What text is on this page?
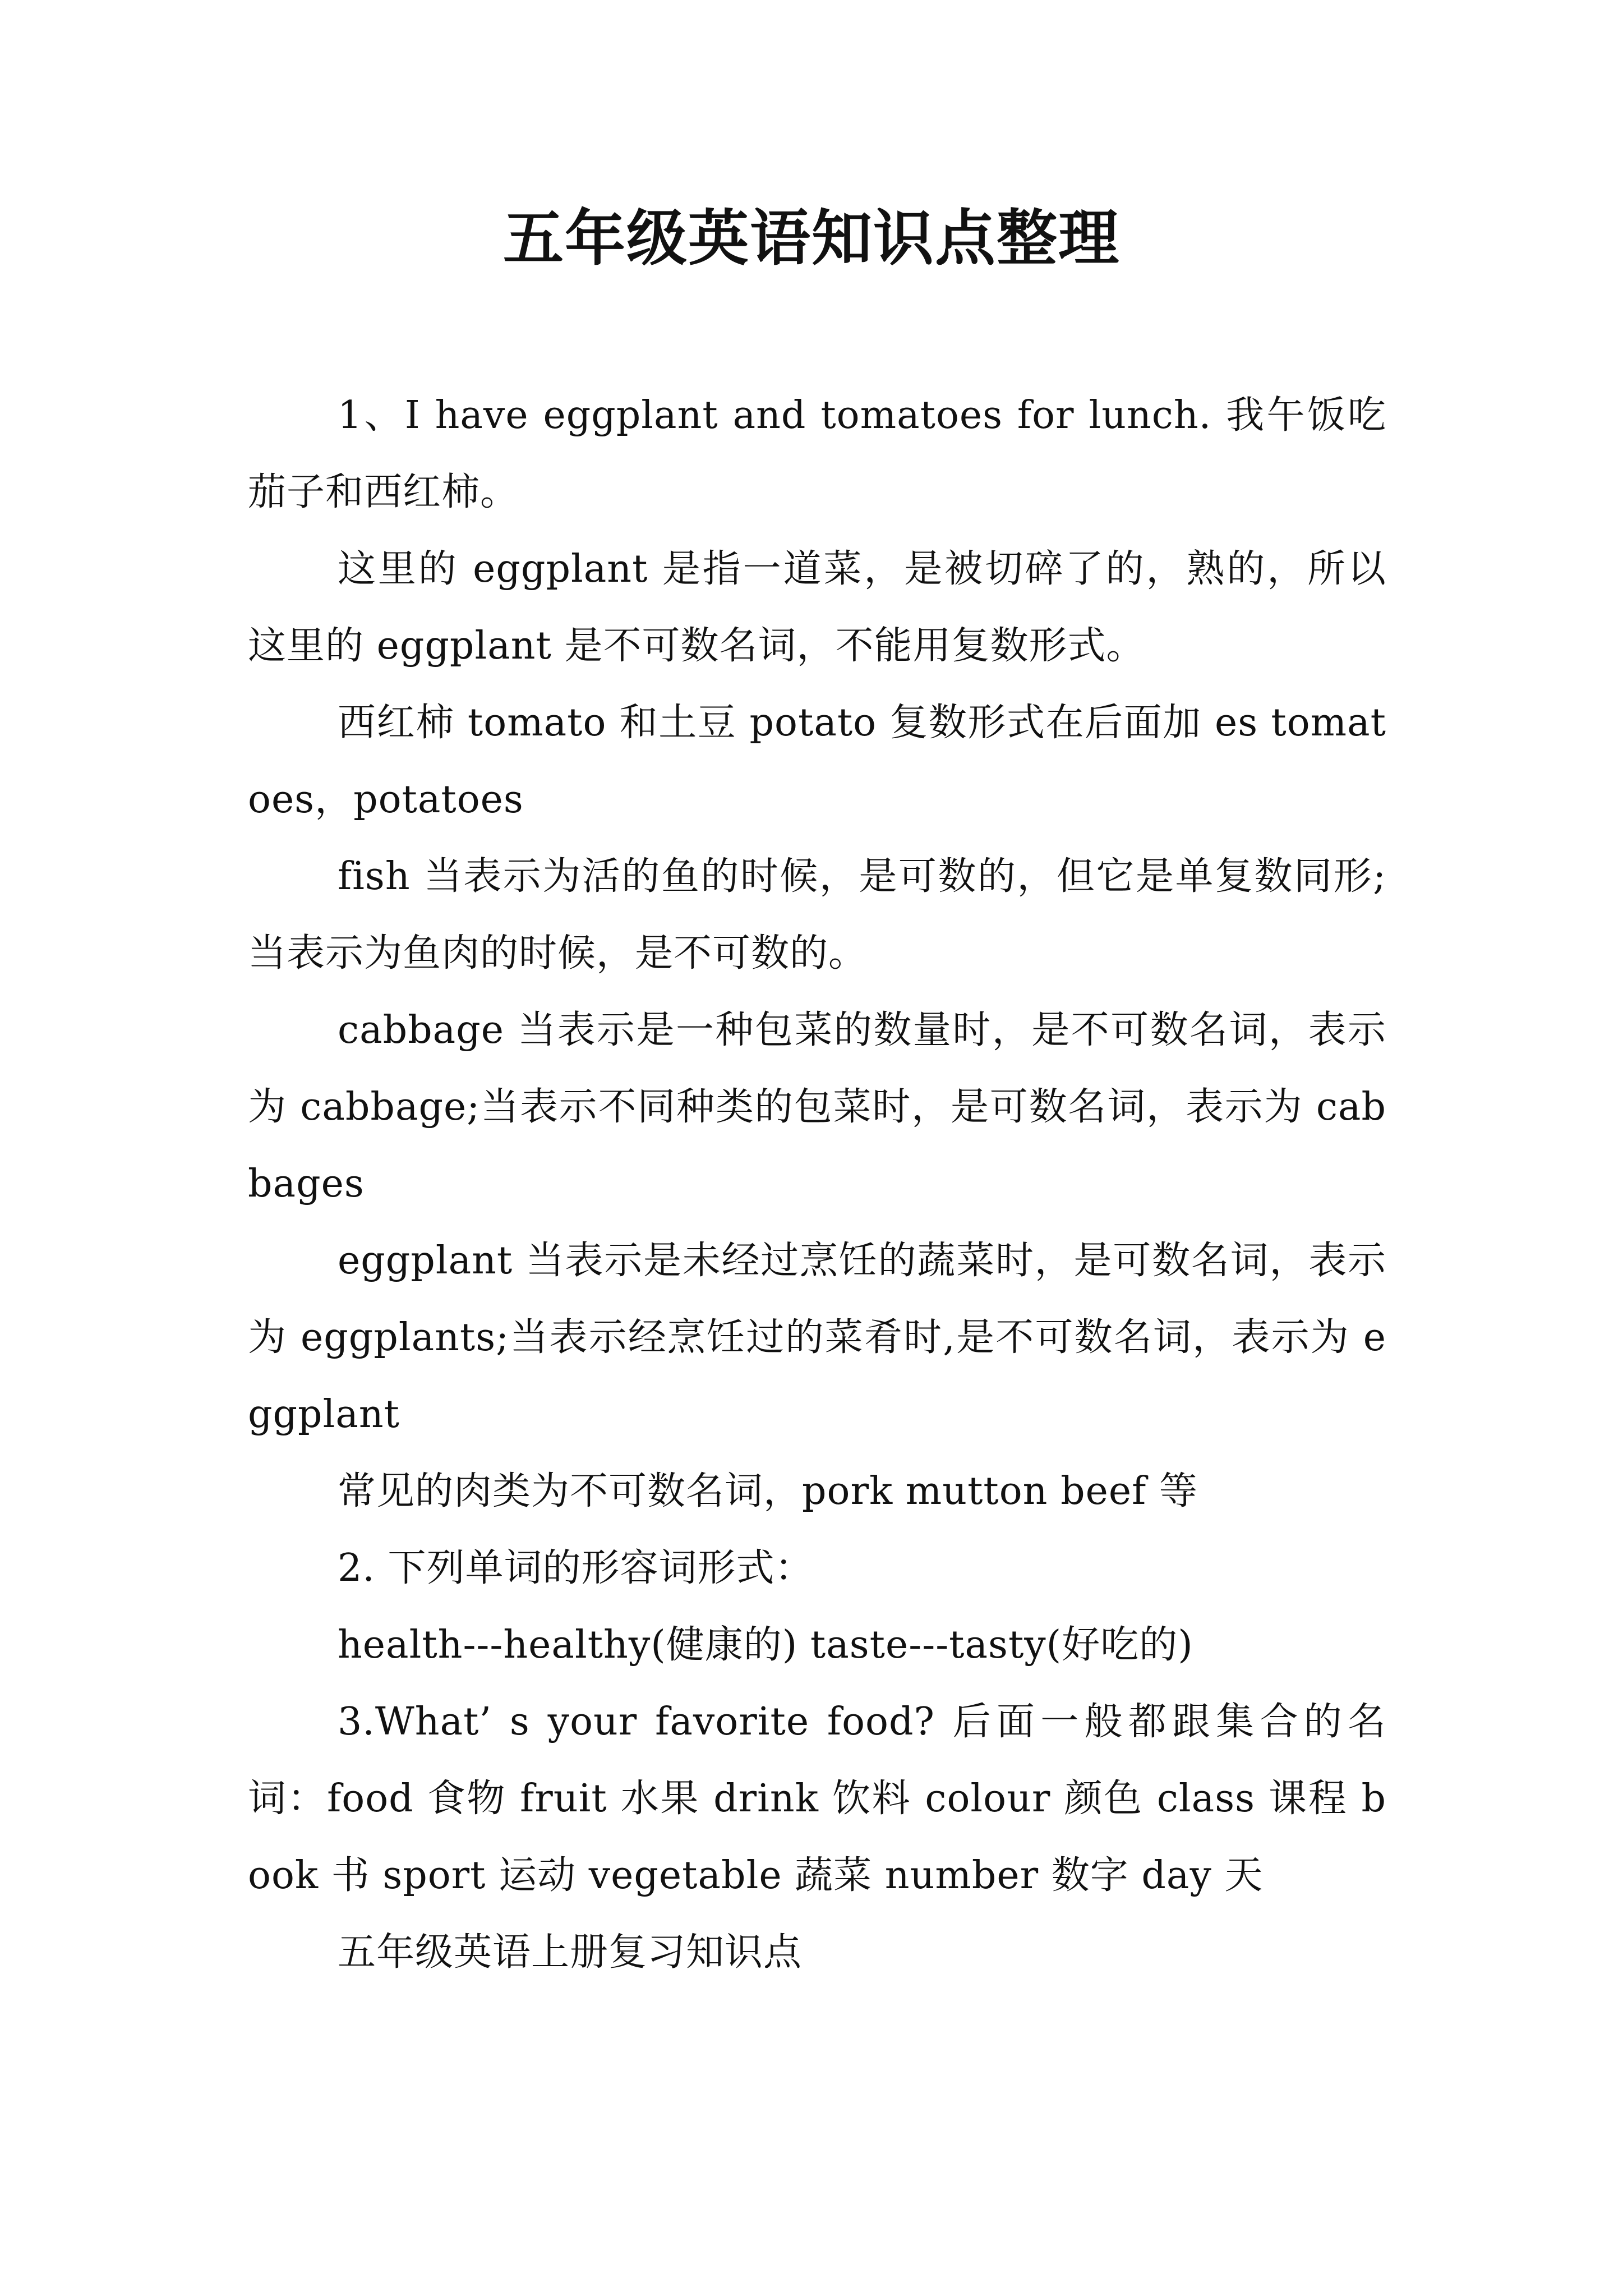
五年级英语知识点整理

1、I have eggplant and tomatoes for lunch. 我午饭吃茄子和西红柿。

这里的 eggplant 是指一道菜，是被切碎了的，熟的，所以这里的 eggplant 是不可数名词，不能用复数形式。

西红柿 tomato 和土豆 potato 复数形式在后面加 es tomatoes，potatoes

fish 当表示为活的鱼的时候，是可数的，但它是单复数同形;当表示为鱼肉的时候，是不可数的。

cabbage 当表示是一种包菜的数量时，是不可数名词，表示为 cabbage;当表示不同种类的包菜时，是可数名词，表示为 cabbages

eggplant 当表示是未经过烹饪的蔬菜时，是可数名词，表示为 eggplants;当表示经烹饪过的菜肴时,是不可数名词，表示为 eggplant

常见的肉类为不可数名词，pork mutton beef 等

2. 下列单词的形容词形式：

health---healthy(健康的) taste---tasty(好吃的)

3.What’ s your favorite food? 后面一般都跟集合的名词：food 食物 fruit 水果 drink 饮料 colour 颜色 class 课程 book 书 sport 运动 vegetable 蔬菜 number 数字 day 天

五年级英语上册复习知识点
